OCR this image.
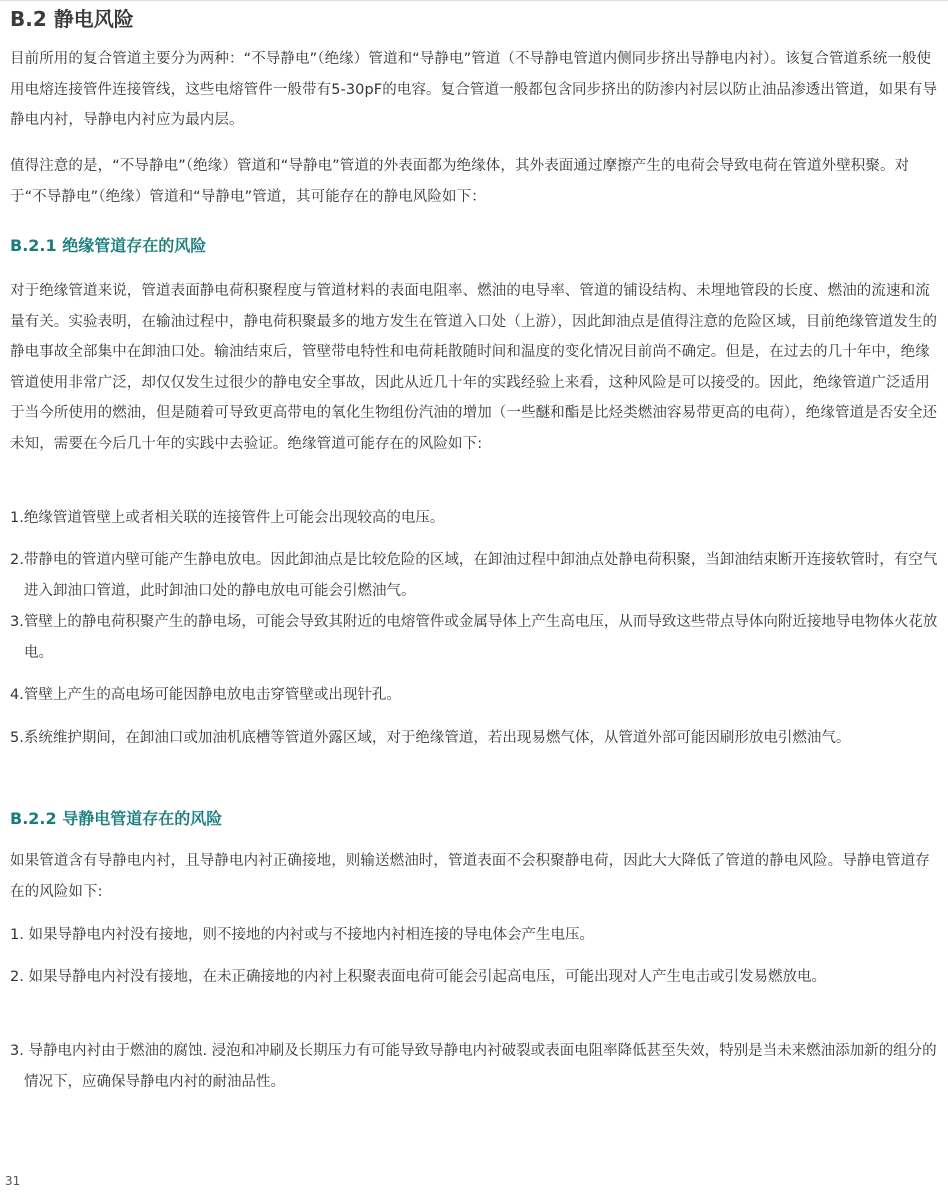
B.2 静电风险
目前所用的复合管道主要分为两种：“不导静电”（绝缘）管道和“导静电”管道（不导静电管道内侧同步挤出导静电内衬）。该复合管道系统一般使用电熔连接管件连接管线，这些电熔管件一般带有5-30pF的电容。复合管道一般都包含同步挤出的防渗内衬层以防止油品渗透出管道，如果有导静电内衬，导静电内衬应为最内层。
值得注意的是，“不导静电”（绝缘）管道和“导静电”管道的外表面都为绝缘体，其外表面通过摩擦产生的电荷会导致电荷在管道外壁积聚。对于“不导静电”（绝缘）管道和“导静电”管道，其可能存在的静电风险如下：
B.2.1 绝缘管道存在的风险
对于绝缘管道来说，管道表面静电荷积聚程度与管道材料的表面电阻率、燃油的电导率、管道的铺设结构、未埋地管段的长度、燃油的流速和流量有关。实验表明，在输油过程中，静电荷积聚最多的地方发生在管道入口处（上游），因此卸油点是值得注意的危险区域，目前绝缘管道发生的静电事故全部集中在卸油口处。输油结束后，管壁带电特性和电荷耗散随时间和温度的变化情况目前尚不确定。但是，在过去的几十年中，绝缘管道使用非常广泛，却仅仅发生过很少的静电安全事故，因此从近几十年的实践经验上来看，这种风险是可以接受的。因此，绝缘管道广泛适用于当今所使用的燃油，但是随着可导致更高带电的氧化生物组份汽油的增加（一些醚和酯是比烃类燃油容易带更高的电荷），绝缘管道是否安全还未知，需要在今后几十年的实践中去验证。绝缘管道可能存在的风险如下:
1.绝缘管道管壁上或者相关联的连接管件上可能会出现较高的电压。
2.带静电的管道内壁可能产生静电放电。因此卸油点是比较危险的区域，在卸油过程中卸油点处静电荷积聚，当卸油结束断开连接软管时，有空气进入卸油口管道，此时卸油口处的静电放电可能会引燃油气。
3.管壁上的静电荷积聚产生的静电场，可能会导致其附近的电熔管件或金属导体上产生高电压，从而导致这些带点导体向附近接地导电物体火花放电。
4.管壁上产生的高电场可能因静电放电击穿管壁或出现针孔。
5.系统维护期间，在卸油口或加油机底槽等管道外露区域，对于绝缘管道，若出现易燃气体，从管道外部可能因刷形放电引燃油气。
B.2.2 导静电管道存在的风险
如果管道含有导静电内衬，且导静电内衬正确接地，则输送燃油时，管道表面不会积聚静电荷，因此大大降低了管道的静电风险。导静电管道存在的风险如下:
1. 如果导静电内衬没有接地，则不接地的内衬或与不接地内衬相连接的导电体会产生电压。
2. 如果导静电内衬没有接地，在未正确接地的内衬上积聚表面电荷可能会引起高电压，可能出现对人产生电击或引发易燃放电。
3. 导静电内衬由于燃油的腐蚀. 浸泡和冲刷及长期压力有可能导致导静电内衬破裂或表面电阻率降低甚至失效，特别是当未来燃油添加新的组分的情况下，应确保导静电内衬的耐油品性。
31
